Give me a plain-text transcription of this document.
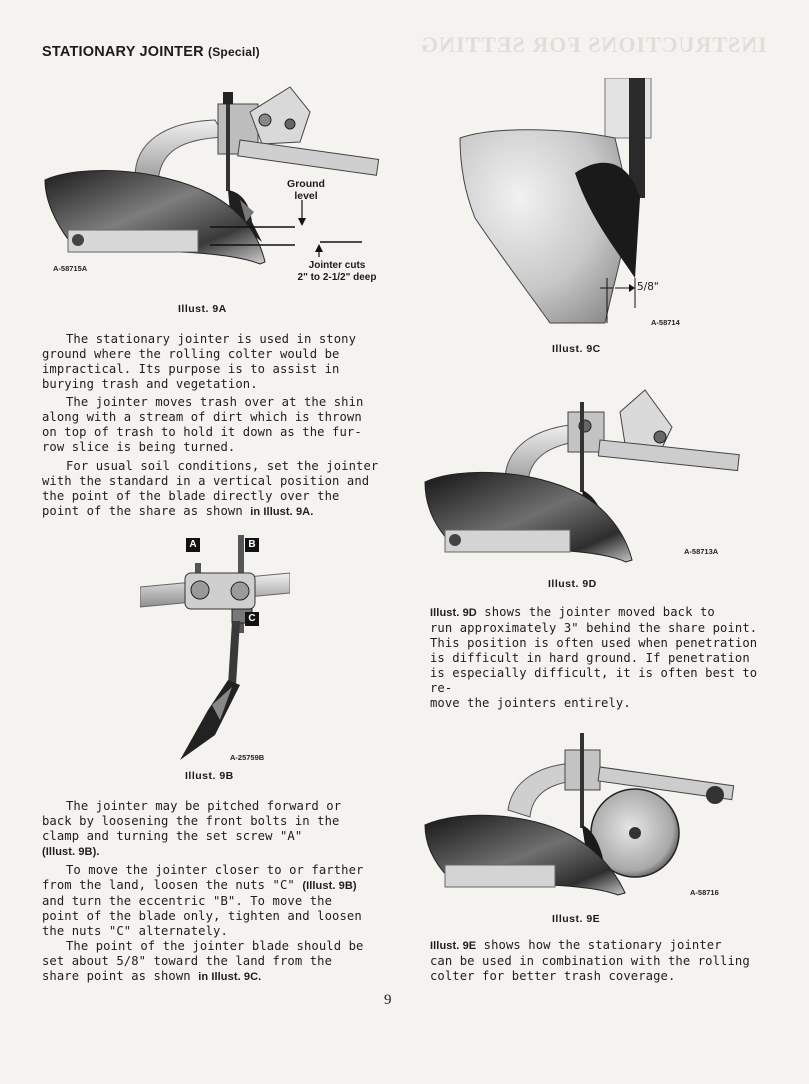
INSTRUCTIONS FOR SETTING
STATIONARY JOINTER (Special)
Ground
level
Jointer cuts
2" to 2-1/2" deep
A-58715A
Illust. 9A

The stationary jointer is used in stony
ground where the rolling colter would be
impractical. Its purpose is to assist in
burying trash and vegetation.

The jointer moves trash over at the shin
along with a stream of dirt which is thrown
on top of trash to hold it down as the fur-
row slice is being turned.

For usual soil conditions, set the jointer
with the standard in a vertical position and
the point of the blade directly over the
point of the share as shown in Illust. 9A.

A	B
C
A-25759B
Illust. 9B

The jointer may be pitched forward or
back by loosening the front bolts in the
clamp and turning the set screw "A"
(Illust. 9B).

To move the jointer closer to or farther
from the land, loosen the nuts "C" (Illust. 9B)
and turn the eccentric "B". To move the
point of the blade only, tighten and loosen
the nuts "C" alternately.

The point of the jointer blade should be
set about 5/8" toward the land from the
share point as shown in Illust. 9C.

5/8"
A-58714
Illust. 9C
A-58713A
Illust. 9D

Illust. 9D shows the jointer moved back to
run approximately 3" behind the share point.
This position is often used when penetration
is difficult in hard ground. If penetration
is especially difficult, it is often best to re-
move the jointers entirely.

A-58716
Illust. 9E

Illust. 9E shows how the stationary jointer
can be used in combination with the rolling
colter for better trash coverage.

9
